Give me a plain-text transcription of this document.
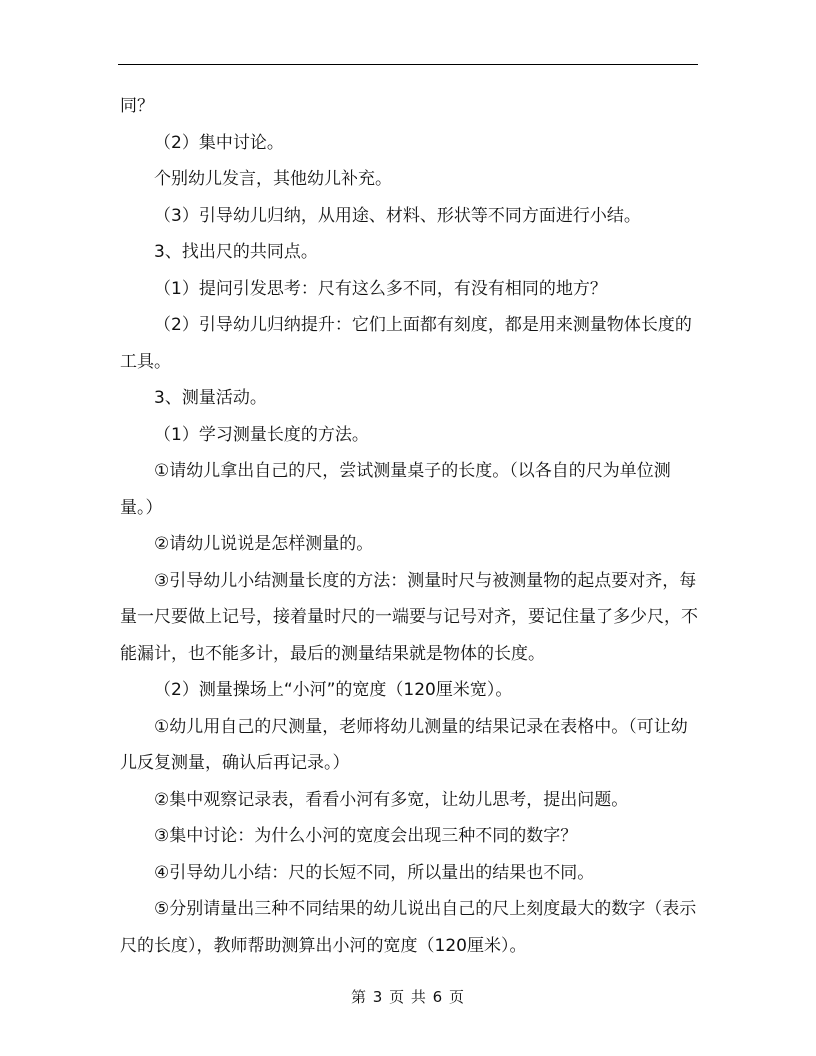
同？

（2）集中讨论。

个别幼儿发言，其他幼儿补充。

（3）引导幼儿归纳，从用途、材料、形状等不同方面进行小结。

3、找出尺的共同点。

（1）提问引发思考：尺有这么多不同，有没有相同的地方？

（2）引导幼儿归纳提升：它们上面都有刻度，都是用来测量物体长度的工具。

3、测量活动。

（1）学习测量长度的方法。

①请幼儿拿出自己的尺，尝试测量桌子的长度。（以各自的尺为单位测量。）

②请幼儿说说是怎样测量的。

③引导幼儿小结测量长度的方法：测量时尺与被测量物的起点要对齐，每量一尺要做上记号，接着量时尺的一端要与记号对齐，要记住量了多少尺，不能漏计，也不能多计，最后的测量结果就是物体的长度。

（2）测量操场上“小河”的宽度（120厘米宽）。

①幼儿用自己的尺测量，老师将幼儿测量的结果记录在表格中。（可让幼儿反复测量，确认后再记录。）

②集中观察记录表，看看小河有多宽，让幼儿思考，提出问题。

③集中讨论：为什么小河的宽度会出现三种不同的数字？

④引导幼儿小结：尺的长短不同，所以量出的结果也不同。

⑤分别请量出三种不同结果的幼儿说出自己的尺上刻度最大的数字（表示尺的长度），教师帮助测算出小河的宽度（120厘米）。

第 3 页 共 6 页
